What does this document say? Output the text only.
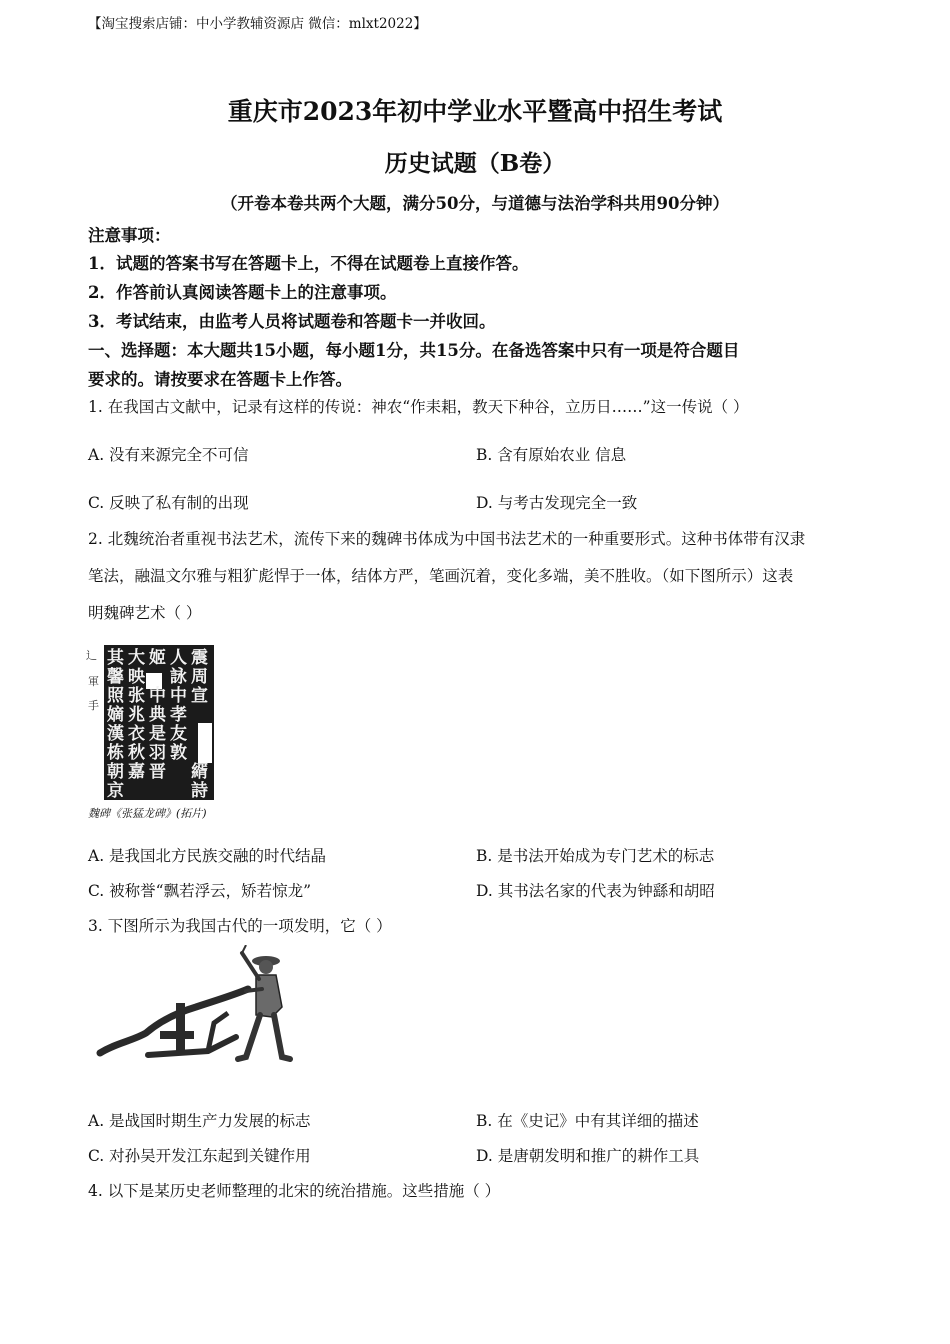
【淘宝搜索店铺：中小学教辅资源店 微信：mlxt2022】
重庆市2023年初中学业水平暨高中招生考试
历史试题（B卷）
（开卷本卷共两个大题，满分50分，与道德与法治学科共用90分钟）
注意事项：
1．试题的答案书写在答题卡上，不得在试题卷上直接作答。
2．作答前认真阅读答题卡上的注意事项。
3．考试结束，由监考人员将试题卷和答题卡一并收回。
一、选择题：本大题共15小题，每小题1分，共15分。在备选答案中只有一项是符合题目
要求的。请按要求在答题卡上作答。
1. 在我国古文献中，记录有这样的传说：神农“作耒耜，教天下种谷，立历日……”这一传说（ ）
A. 没有来源完全不可信	B. 含有原始农业 信息
C. 反映了私有制的出现	D. 与考古发现完全一致
2. 北魏统治者重视书法艺术，流传下来的魏碑书体成为中国书法艺术的一种重要形式。这种书体带有汉隶
笔法，融温文尔雅与粗犷彪悍于一体，结体方严，笔画沉着，变化多端，美不胜收。（如下图所示）这表
明魏碑艺术（ ）
其 大 姬 人 震
馨 映 詠 周
照 张 中 中 宣
嫡 兆 典 孝
漢 衣 是 友
栋 秋 羽 敦
朝 嘉 晋 縃
京	詩
辶
軍
手
魏碑《张猛龙碑》(拓片)
A. 是我国北方民族交融的时代结晶	B. 是书法开始成为专门艺术的标志
C. 被称誉“飘若浮云，矫若惊龙”	D. 其书法名家的代表为钟繇和胡昭
3. 下图所示为我国古代的一项发明，它（ ）
A. 是战国时期生产力发展的标志	B. 在《史记》中有其详细的描述
C. 对孙吴开发江东起到关键作用	D. 是唐朝发明和推广的耕作工具
4. 以下是某历史老师整理的北宋的统治措施。这些措施（ ）
